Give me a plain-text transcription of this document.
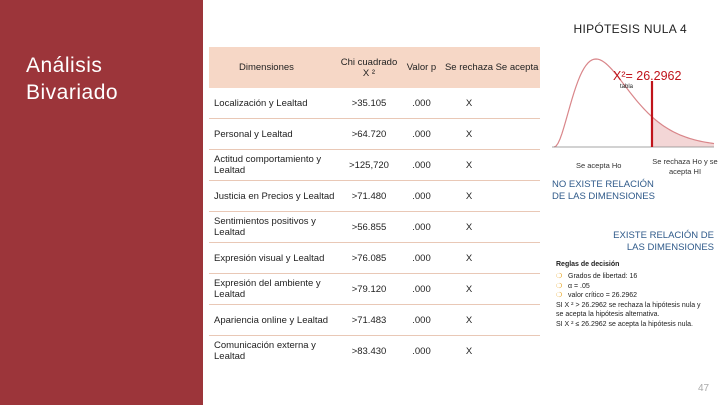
Análisis
Bivariado
HIPÓTESIS NULA 4
Dimensiones	Chi cuadrado X ²	Valor p	Se rechaza	Se acepta
Localización y Lealtad	>35.105	.000	X	
Personal y Lealtad	>64.720	.000	X	
Actitud comportamiento y Lealtad	>125,720	.000	X	
Justicia en Precios y Lealtad	>71.480	.000	X	
Sentimientos positivos y Lealtad	>56.855	.000	X	
Expresión visual y Lealtad	>76.085	.000	X	
Expresión del ambiente y Lealtad	>79.120	.000	X	
Apariencia online y Lealtad	>71.483	.000	X	
Comunicación externa y Lealtad	>83.430	.000	X	
X²= 26.2962
tabla
Se acepta Ho	Se rechaza Ho y se acepta HI
NO EXISTE RELACIÓN DE LAS DIMENSIONES
EXISTE RELACIÓN DE LAS DIMENSIONES
Reglas de decisión
❍ Grados de libertad: 16
❍ α = .05
❍ valor crítico = 26.2962
SI X ² > 26.2962 se rechaza la hipótesis nula y se acepta la hipótesis alternativa.
SI X ² ≤ 26.2962 se acepta la hipótesis nula.
47
